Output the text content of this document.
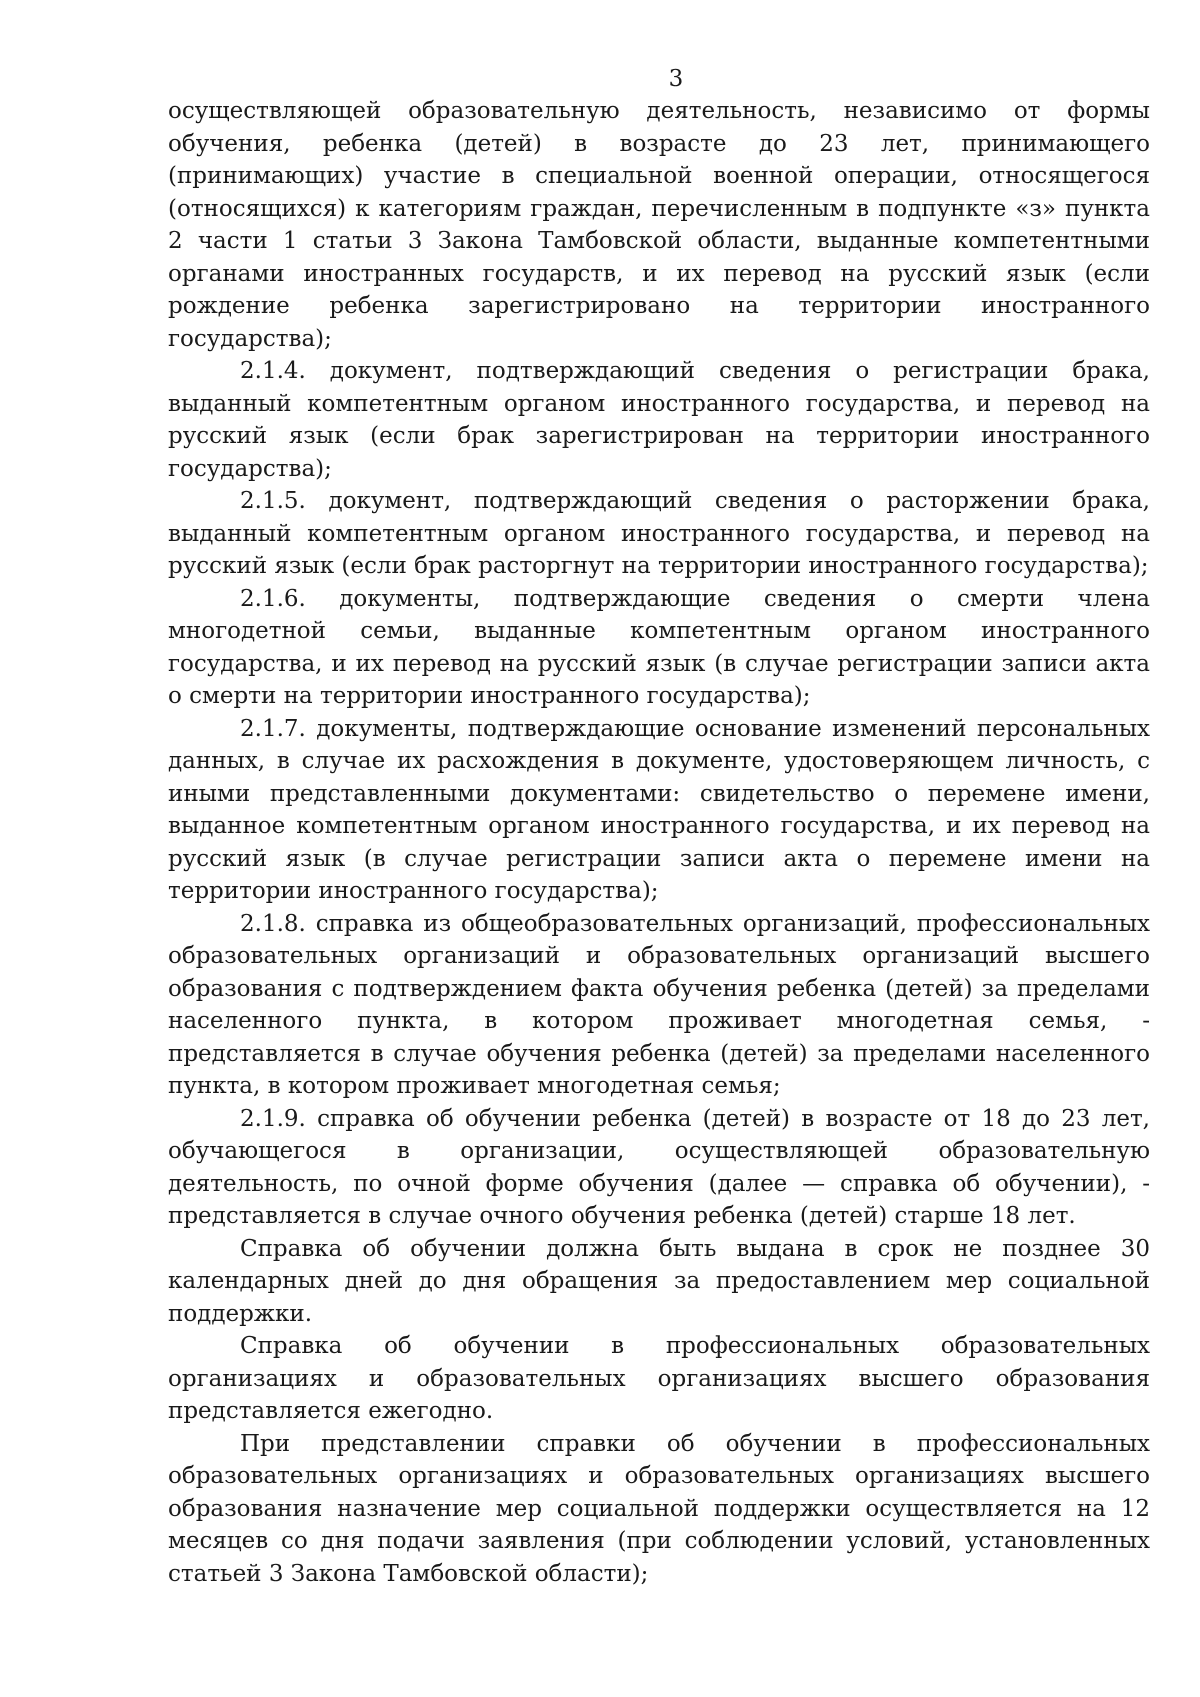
3

осуществляющей образовательную деятельность, независимо от формы обучения, ребенка (детей) в возрасте до 23 лет, принимающего (принимающих) участие в специальной военной операции, относящегося (относящихся) к категориям граждан, перечисленным в подпункте «з» пункта 2 части 1 статьи 3 Закона Тамбовской области, выданные компетентными органами иностранных государств, и их перевод на русский язык (если рождение ребенка зарегистрировано на территории иностранного государства);

2.1.4. документ, подтверждающий сведения о регистрации брака, выданный компетентным органом иностранного государства, и перевод на русский язык (если брак зарегистрирован на территории иностранного государства);

2.1.5. документ, подтверждающий сведения о расторжении брака, выданный компетентным органом иностранного государства, и перевод на русский язык (если брак расторгнут на территории иностранного государства);

2.1.6. документы, подтверждающие сведения о смерти члена многодетной семьи, выданные компетентным органом иностранного государства, и их перевод на русский язык (в случае регистрации записи акта о смерти на территории иностранного государства);

2.1.7. документы, подтверждающие основание изменений персональных данных, в случае их расхождения в документе, удостоверяющем личность, с иными представленными документами: свидетельство о перемене имени, выданное компетентным органом иностранного государства, и их перевод на русский язык (в случае регистрации записи акта о перемене имени на территории иностранного государства);

2.1.8. справка из общеобразовательных организаций, профессиональных образовательных организаций и образовательных организаций высшего образования с подтверждением факта обучения ребенка (детей) за пределами населенного пункта, в котором проживает многодетная семья, - представляется в случае обучения ребенка (детей) за пределами населенного пункта, в котором проживает многодетная семья;

2.1.9. справка об обучении ребенка (детей) в возрасте от 18 до 23 лет, обучающегося в организации, осуществляющей образовательную деятельность, по очной форме обучения (далее — справка об обучении), - представляется в случае очного обучения ребенка (детей) старше 18 лет.

Справка об обучении должна быть выдана в срок не позднее 30 календарных дней до дня обращения за предоставлением мер социальной поддержки.

Справка об обучении в профессиональных образовательных организациях и образовательных организациях высшего образования представляется ежегодно.

При представлении справки об обучении в профессиональных образовательных организациях и образовательных организациях высшего образования назначение мер социальной поддержки осуществляется на 12 месяцев со дня подачи заявления (при соблюдении условий, установленных статьей 3 Закона Тамбовской области);
